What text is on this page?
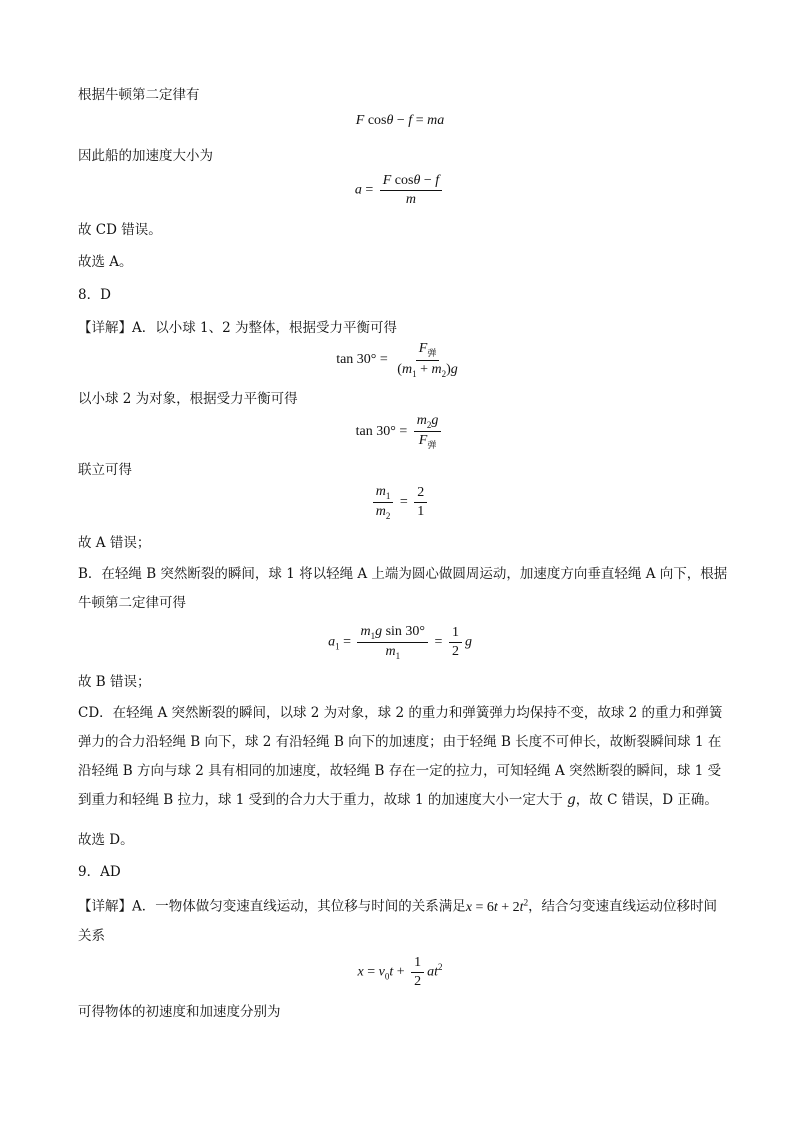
根据牛顿第二定律有
F cosθ − f = ma
因此船的加速度大小为
$a = \frac{\text{F cosθ − f}}{m}$
故 CD 错误。
故选 A。
8．D
【详解】A．以小球 1、2 为整体，根据受力平衡可得
$\tan 30^\circ = \frac{F_弹}{(m_1 + m_2)g}$
以小球 2 为对象，根据受力平衡可得
$\tan 30^\circ = \frac{m_2g}{F_弹}$
联立可得
$\frac{m_1}{m_2} = \frac{2}{1}$
故 A 错误；
B．在轻绳 B 突然断裂的瞬间，球 1 将以轻绳 A 上端为圆心做圆周运动，加速度方向垂直轻绳 A 向下，根据牛顿第二定律可得
$a_1 = \frac{m_1g \sin 30^\circ}{m_1} = \frac{1}{2}$ g
故 B 错误；
CD．在轻绳 A 突然断裂的瞬间，以球 2 为对象，球 2 的重力和弹簧弹力均保持不变，故球 2 的重力和弹簧弹力的合力沿轻绳 B 向下，球 2 有沿轻绳 B 向下的加速度；由于轻绳 B 长度不可伸长，故断裂瞬间球 1 在沿轻绳 B 方向与球 2 具有相同的加速度，故轻绳 B 存在一定的拉力，可知轻绳 A 突然断裂的瞬间，球 1 受到重力和轻绳 B 拉力，球 1 受到的合力大于重力，故球 1 的加速度大小一定大于 g，故 C 错误，D 正确。
故选 D。
9．AD
【详解】A．一物体做匀变速直线运动，其位移与时间的关系满足$x = 6t + 2t^2$，结合匀变速直线运动位移时间关系
$x = v_0t + \frac{1}{2} at^2$
可得物体的初速度和加速度分别为
